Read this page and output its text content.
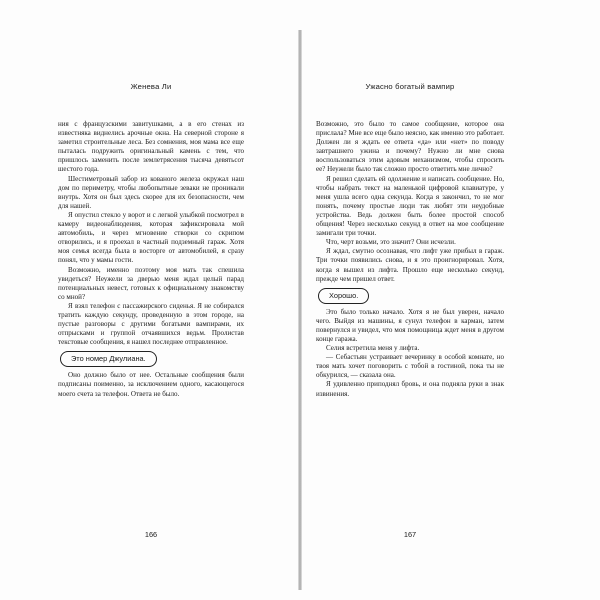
Женева Ли

ния с французскими завитушками, а в его стенах из известняка виднелись арочные окна. На северной стороне я заметил строительные леса. Без сомнения, моя мама все еще пыталась подружить оригинальный камень с тем, что пришлось заменить после землетрясения тысяча девятьсот шестого года.

Шестиметровый забор из кованого железа окружал наш дом по периметру, чтобы любопытные зеваки не проникали внутрь. Хотя он был здесь скорее для их безопасности, чем для нашей.

Я опустил стекло у ворот и с легкой улыбкой посмотрел в камеру видеонаблюдения, которая зафиксировала мой автомобиль, и через мгновение створки со скрипом отворились, и я проехал в частный подземный гараж. Хотя моя семья всегда была в восторге от автомобилей, я сразу понял, что у мамы гости.

Возможно, именно поэтому моя мать так спешила увидеться? Неужели за дверью меня ждал целый парад потенциальных невест, готовых к официальному знакомству со мной?

Я взял телефон с пассажирского сиденья. Я не собирался тратить каждую секунду, проведенную в этом городе, на пустые разговоры с другими богатыми вампирами, их отпрысками и группой отчаявшихся ведьм. Пролистав текстовые сообщения, я нашел последнее отправленное.

Это номер Джулиана.

Оно должно было от нее. Остальные сообщения были подписаны поименно, за исключением одного, касающегося моего счета за телефон. Ответа не было.

166
Ужасно богатый вампир

Возможно, это было то самое сообщение, которое она прислала? Мне все еще было неясно, как именно это работает. Должен ли я ждать ее ответа «да» или «нет» по поводу завтрашнего ужина и почему? Нужно ли мне снова воспользоваться этим адовым механизмом, чтобы спросить ее? Неужели было так сложно просто ответить мне лично?

Я решил сделать ей одолжение и написать сообщение. Но, чтобы набрать текст на маленькой цифровой клавиатуре, у меня ушла всего одна секунда. Когда я закончил, то не мог понять, почему простые люди так любят эти неудобные устройства. Ведь должен быть более простой способ общения! Через несколько секунд в ответ на мое сообщение замигали три точки.

Что, черт возьми, это значит? Они исчезли.

Я ждал, смутно осознавая, что лифт уже прибыл в гараж. Три точки появились снова, и я это проигнорировал. Хотя, когда я вышел из лифта. Прошло еще несколько секунд, прежде чем пришел ответ.

Хорошо.

Это было только начало. Хотя я не был уверен, начало чего. Выйдя из машины, я сунул телефон в карман, затем повернулся и увидел, что моя помощница ждет меня в другом конце гаража.

Селия встретила меня у лифта.

— Себастьян устраивает вечеринку в особой комнате, но твоя мать хочет поговорить с тобой в гостиной, пока ты не обкурился, — сказала она.

Я удивленно приподнял бровь, и она подняла руки в знак извинения.

167
